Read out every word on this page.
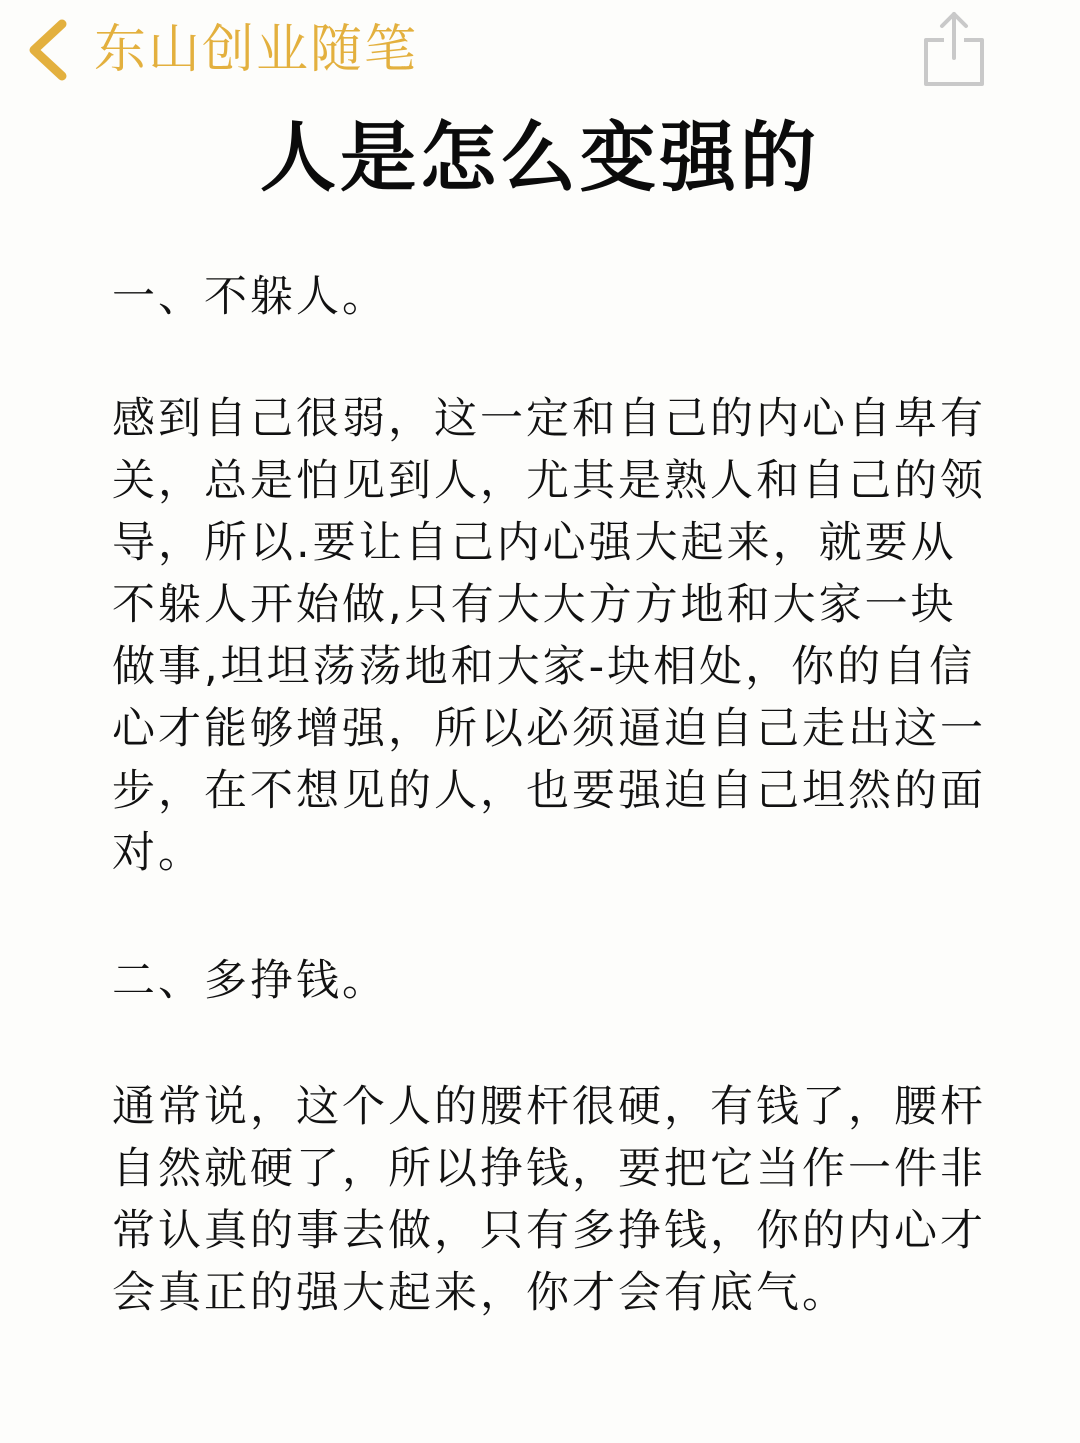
东山创业随笔
人是怎么变强的
一、不躲人。
感到自己很弱，这一定和自己的内心自卑有
关，总是怕见到人，尤其是熟人和自己的领
导，所以.要让自己内心强大起来，就要从
不躲人开始做,只有大大方方地和大家一块
做事,坦坦荡荡地和大家-块相处，你的自信
心才能够增强，所以必须逼迫自己走出这一
步，在不想见的人，也要强迫自己坦然的面
对。
二、多挣钱。
通常说，这个人的腰杆很硬，有钱了，腰杆
自然就硬了，所以挣钱，要把它当作一件非
常认真的事去做，只有多挣钱，你的内心才
会真正的强大起来，你才会有底气。
